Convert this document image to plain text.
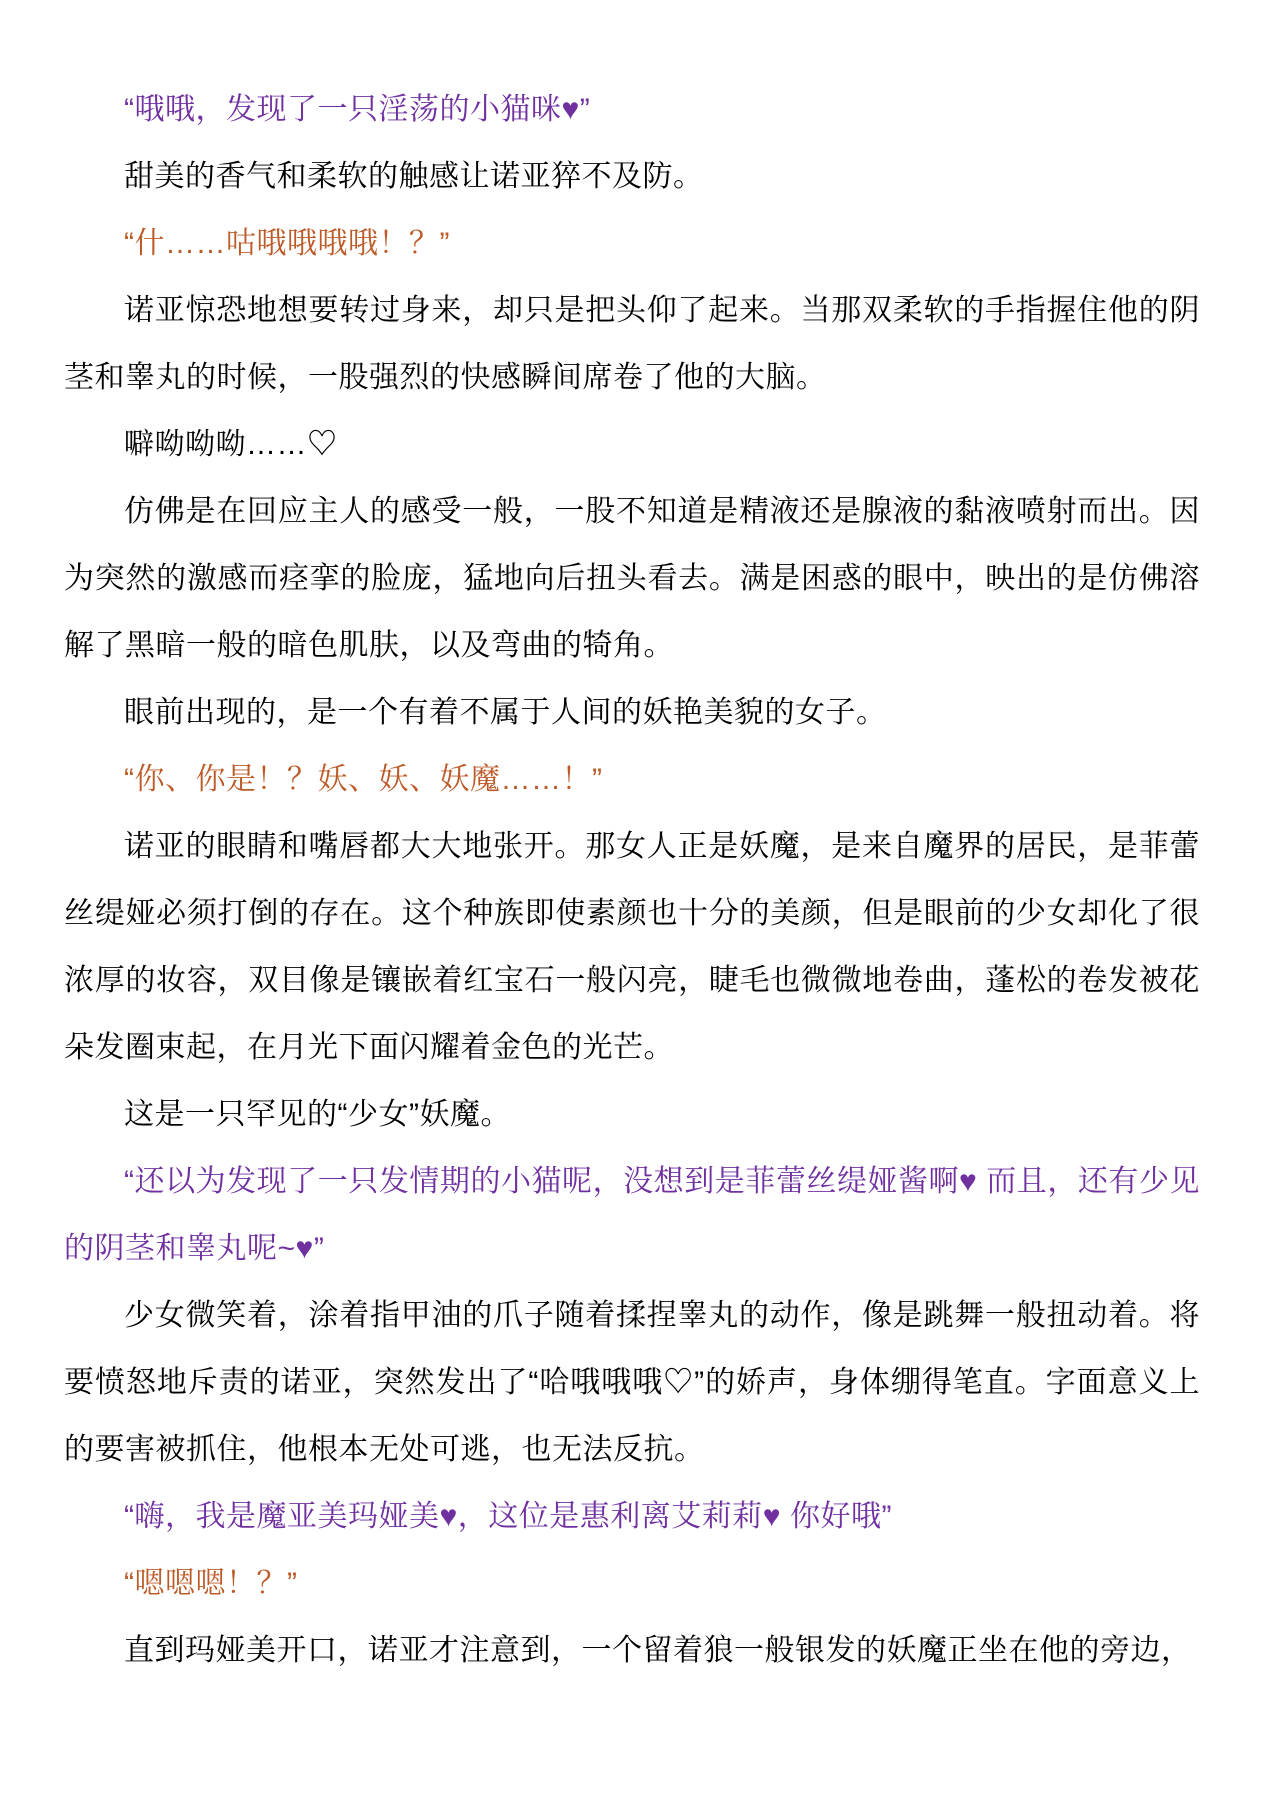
“哦哦，发现了一只淫荡的小猫咪♥”

甜美的香气和柔软的触感让诺亚猝不及防。

“什……咕哦哦哦哦！？”

诺亚惊恐地想要转过身来，却只是把头仰了起来。当那双柔软的手指握住他的阴茎和睾丸的时候，一股强烈的快感瞬间席卷了他的大脑。

噼呦呦呦……♡

仿佛是在回应主人的感受一般，一股不知道是精液还是腺液的黏液喷射而出。因为突然的激感而痉挛的脸庞，猛地向后扭头看去。满是困惑的眼中，映出的是仿佛溶解了黑暗一般的暗色肌肤，以及弯曲的犄角。

眼前出现的，是一个有着不属于人间的妖艳美貌的女子。

“你、你是！？妖、妖、妖魔……！”

诺亚的眼睛和嘴唇都大大地张开。那女人正是妖魔，是来自魔界的居民，是菲蕾丝缇娅必须打倒的存在。这个种族即使素颜也十分的美颜，但是眼前的少女却化了很浓厚的妆容，双目像是镶嵌着红宝石一般闪亮，睫毛也微微地卷曲，蓬松的卷发被花朵发圈束起，在月光下面闪耀着金色的光芒。

这是一只罕见的“少女”妖魔。

“还以为发现了一只发情期的小猫呢，没想到是菲蕾丝缇娅酱啊♥ 而且，还有少见的阴茎和睾丸呢~♥”

少女微笑着，涂着指甲油的爪子随着揉捏睾丸的动作，像是跳舞一般扭动着。将要愤怒地斥责的诺亚，突然发出了“哈哦哦哦♡”的娇声，身体绷得笔直。字面意义上的要害被抓住，他根本无处可逃，也无法反抗。

“嗨，我是魔亚美玛娅美♥，这位是惠利离艾莉莉♥ 你好哦”

“嗯嗯嗯！？”

直到玛娅美开口，诺亚才注意到，一个留着狼一般银发的妖魔正坐在他的旁边，
